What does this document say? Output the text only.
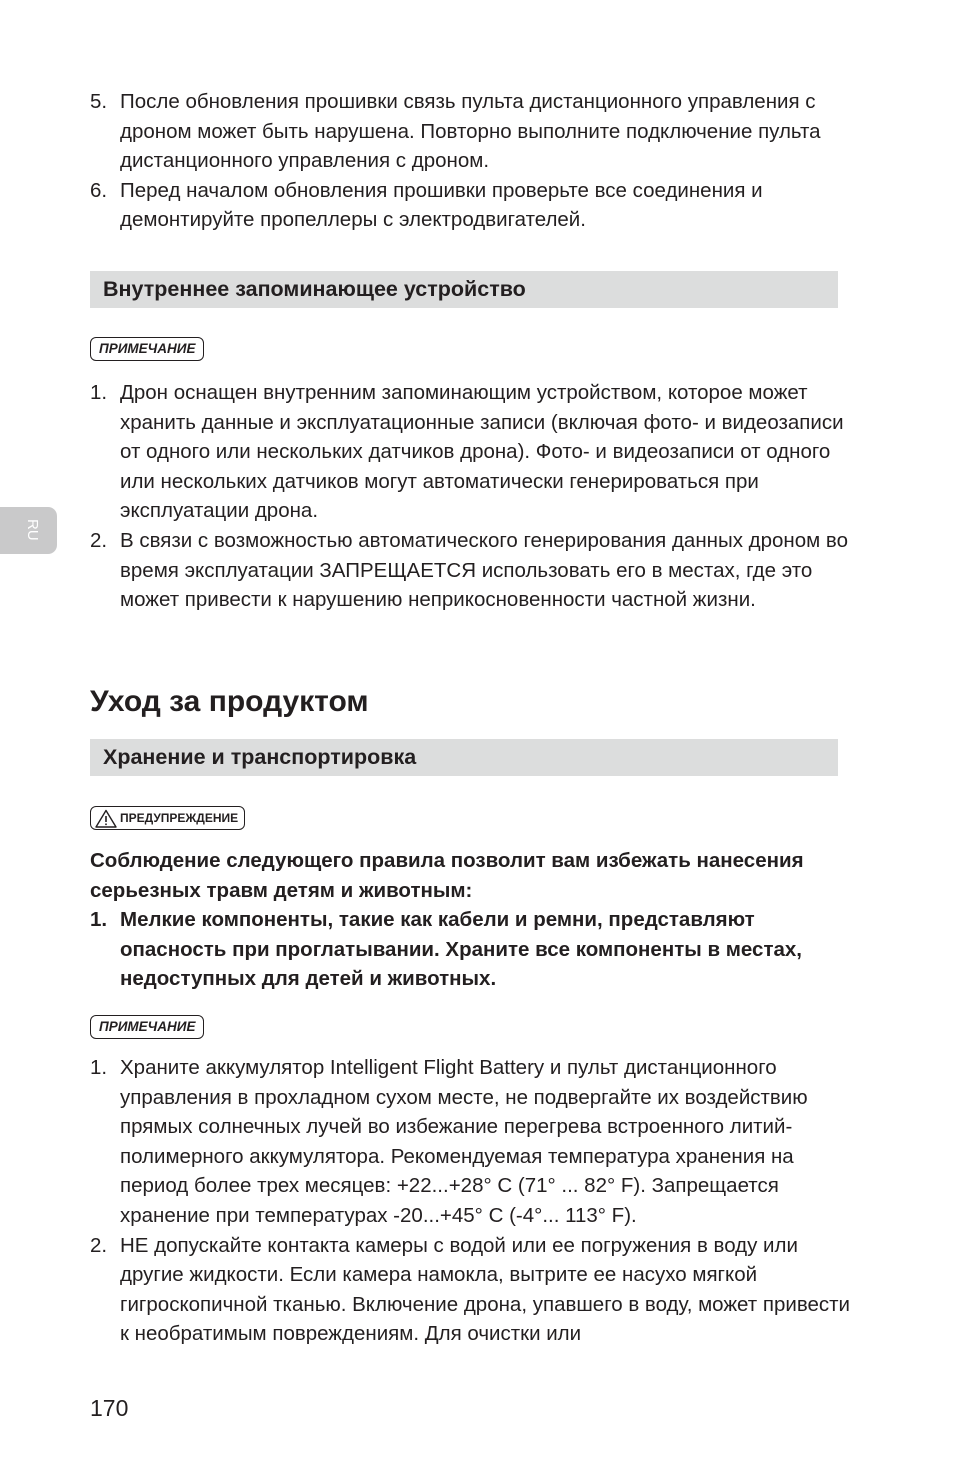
RU
5. После обновления прошивки связь пульта дистанционного управления с дроном может быть нарушена. Повторно выполните подключение пульта дистанционного управления с дроном.
6. Перед началом обновления прошивки проверьте все соединения и демонтируйте пропеллеры с электродвигателей.
Внутреннее запоминающее устройство
ПРИМЕЧАНИЕ
1. Дрон оснащен внутренним запоминающим устройством, которое может хранить данные и эксплуатационные записи (включая фото- и видеозаписи от одного или нескольких датчиков дрона). Фото- и видеозаписи от одного или нескольких датчиков могут автоматически генерироваться при эксплуатации дрона.
2. В связи с возможностью автоматического генерирования данных дроном во время эксплуатации ЗАПРЕЩАЕТСЯ использовать его в местах, где это может привести к нарушению неприкосновенности частной жизни.
Уход за продуктом
Хранение и транспортировка
ПРЕДУПРЕЖДЕНИЕ

Соблюдение следующего правила позволит вам избежать нанесения серьезных травм детям и животным:

1. Мелкие компоненты, такие как кабели и ремни, представляют опасность при проглатывании. Храните все компоненты в местах, недоступных для детей и животных.
ПРИМЕЧАНИЕ
1. Храните аккумулятор Intelligent Flight Battery и пульт дистанционного управления в прохладном сухом месте, не подвергайте их воздействию прямых солнечных лучей во избежание перегрева встроенного литий-полимерного аккумулятора. Рекомендуемая температура хранения на период более трех месяцев: +22...+28° C (71° ... 82° F). Запрещается хранение при температурах -20...+45° C (-4°... 113° F).
2. НЕ допускайте контакта камеры с водой или ее погружения в воду или другие жидкости. Если камера намокла, вытрите ее насухо мягкой гигроскопичной тканью. Включение дрона, упавшего в воду, может привести к необратимым повреждениям. Для очистки или
170
